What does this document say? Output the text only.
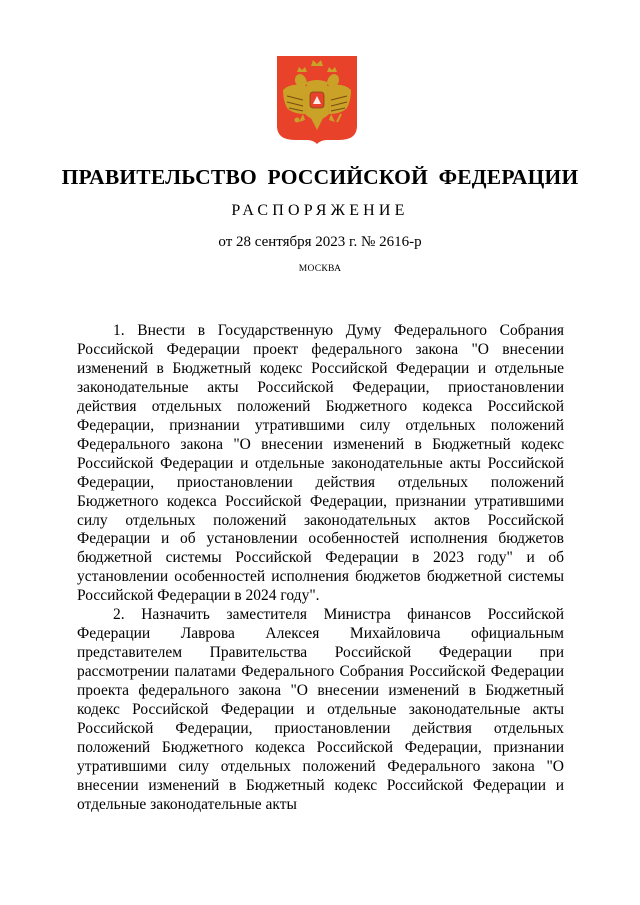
ПРАВИТЕЛЬСТВО РОССИЙСКОЙ ФЕДЕРАЦИИ
РАСПОРЯЖЕНИЕ
от 28 сентября 2023 г. № 2616-р
МОСКВА

1. Внести в Государственную Думу Федерального Собрания Российской Федерации проект федерального закона "О внесении изменений в Бюджетный кодекс Российской Федерации и отдельные законодательные акты Российской Федерации, приостановлении действия отдельных положений Бюджетного кодекса Российской Федерации, признании утратившими силу отдельных положений Федерального закона "О внесении изменений в Бюджетный кодекс Российской Федерации и отдельные законодательные акты Российской Федерации, приостановлении действия отдельных положений Бюджетного кодекса Российской Федерации, признании утратившими силу отдельных положений законодательных актов Российской Федерации и об установлении особенностей исполнения бюджетов бюджетной системы Российской Федерации в 2023 году" и об установлении особенностей исполнения бюджетов бюджетной системы Российской Федерации в 2024 году".

2. Назначить заместителя Министра финансов Российской Федерации Лаврова Алексея Михайловича официальным представителем Правительства Российской Федерации при рассмотрении палатами Федерального Собрания Российской Федерации проекта федерального закона "О внесении изменений в Бюджетный кодекс Российской Федерации и отдельные законодательные акты Российской Федерации, приостановлении действия отдельных положений Бюджетного кодекса Российской Федерации, признании утратившими силу отдельных положений Федерального закона "О внесении изменений в Бюджетный кодекс Российской Федерации и отдельные законодательные акты
